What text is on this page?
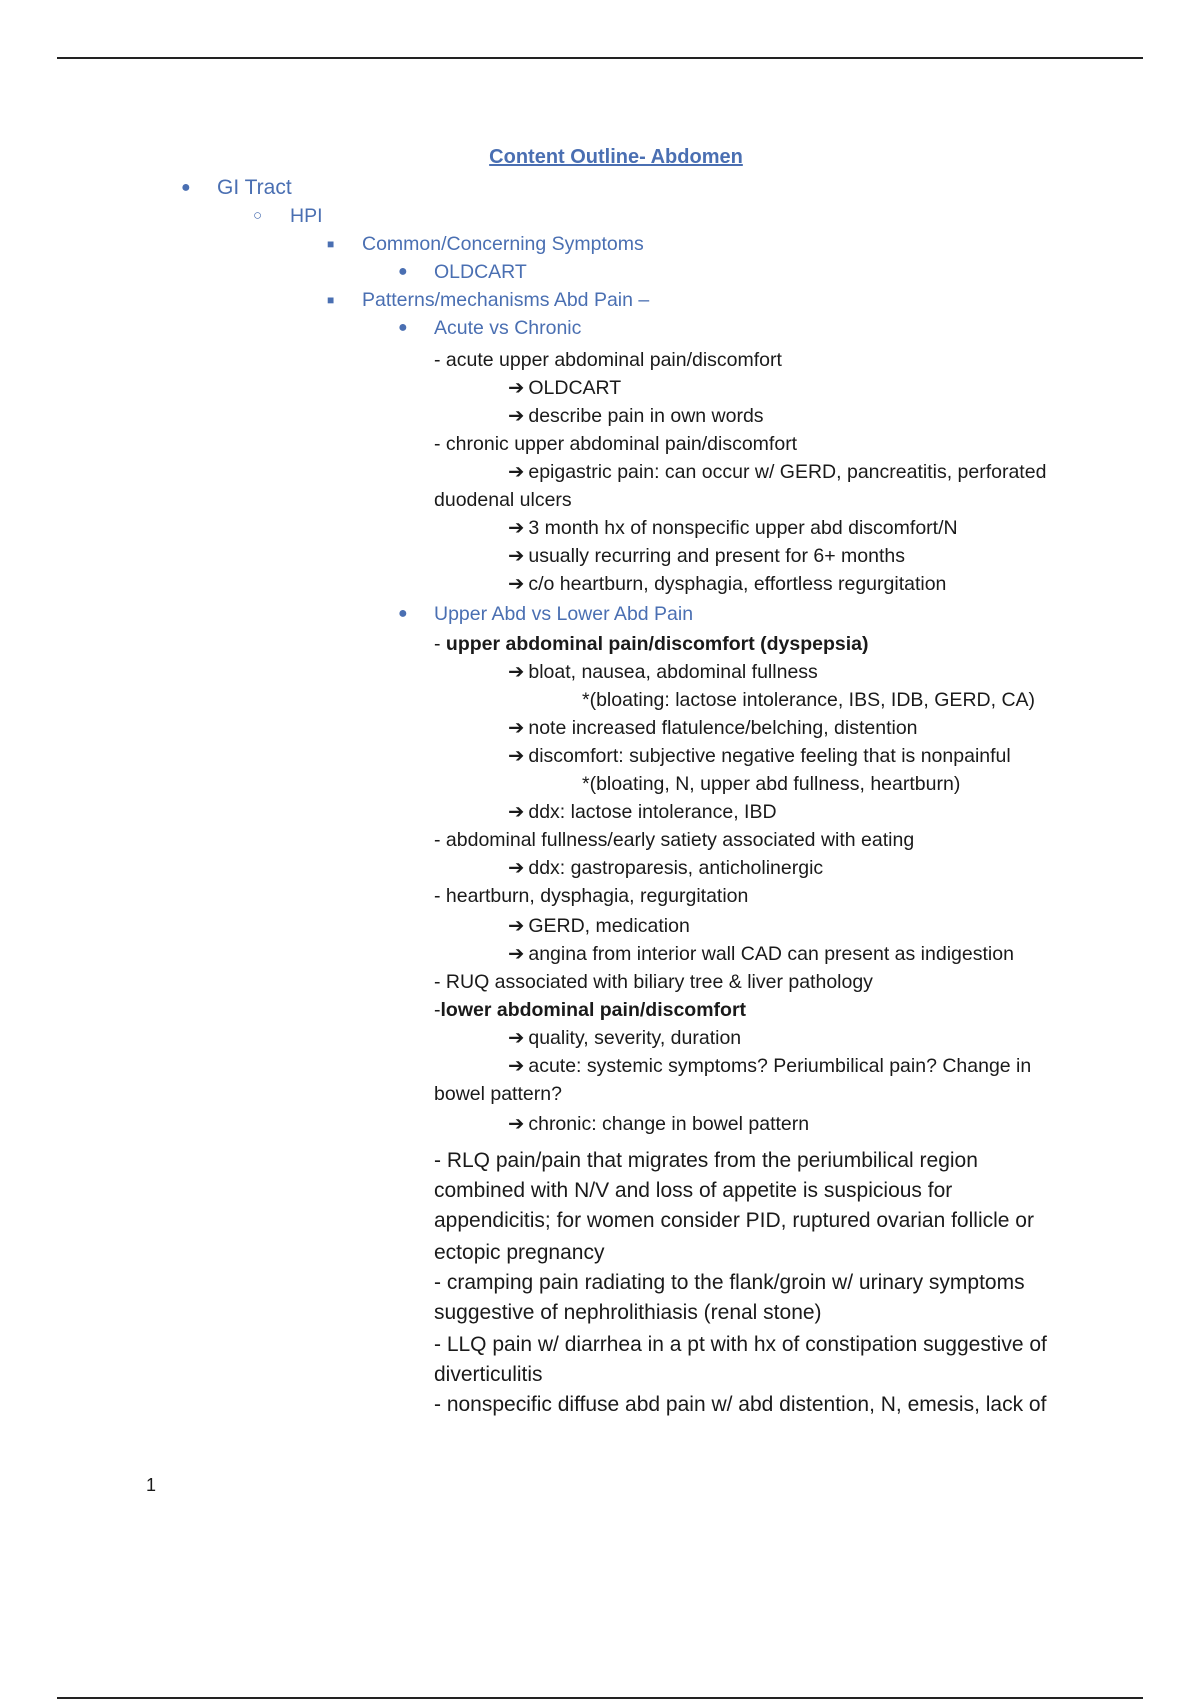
Content Outline- Abdomen
● GI Tract
○ HPI
■ Common/Concerning Symptoms
● OLDCART
■ Patterns/mechanisms Abd Pain –
● Acute vs Chronic
- acute upper abdominal pain/discomfort
➔ OLDCART
➔ describe pain in own words
- chronic upper abdominal pain/discomfort
➔ epigastric pain: can occur w/ GERD, pancreatitis, perforated
duodenal ulcers
➔ 3 month hx of nonspecific upper abd discomfort/N
➔ usually recurring and present for 6+ months
➔ c/o heartburn, dysphagia, effortless regurgitation
● Upper Abd vs Lower Abd Pain
- upper abdominal pain/discomfort (dyspepsia)
➔ bloat, nausea, abdominal fullness
*(bloating: lactose intolerance, IBS, IDB, GERD, CA)
➔ note increased flatulence/belching, distention
➔ discomfort: subjective negative feeling that is nonpainful
*(bloating, N, upper abd fullness, heartburn)
➔ ddx: lactose intolerance, IBD
- abdominal fullness/early satiety associated with eating
➔ ddx: gastroparesis, anticholinergic
- heartburn, dysphagia, regurgitation
➔ GERD, medication
➔ angina from interior wall CAD can present as indigestion
- RUQ associated with biliary tree & liver pathology
-lower abdominal pain/discomfort
➔ quality, severity, duration
➔ acute: systemic symptoms? Periumbilical pain? Change in
bowel pattern?
➔ chronic: change in bowel pattern
- RLQ pain/pain that migrates from the periumbilical region
combined with N/V and loss of appetite is suspicious for
appendicitis; for women consider PID, ruptured ovarian follicle or
ectopic pregnancy
- cramping pain radiating to the flank/groin w/ urinary symptoms
suggestive of nephrolithiasis (renal stone)
- LLQ pain w/ diarrhea in a pt with hx of constipation suggestive of
diverticulitis
- nonspecific diffuse abd pain w/ abd distention, N, emesis, lack of
1
